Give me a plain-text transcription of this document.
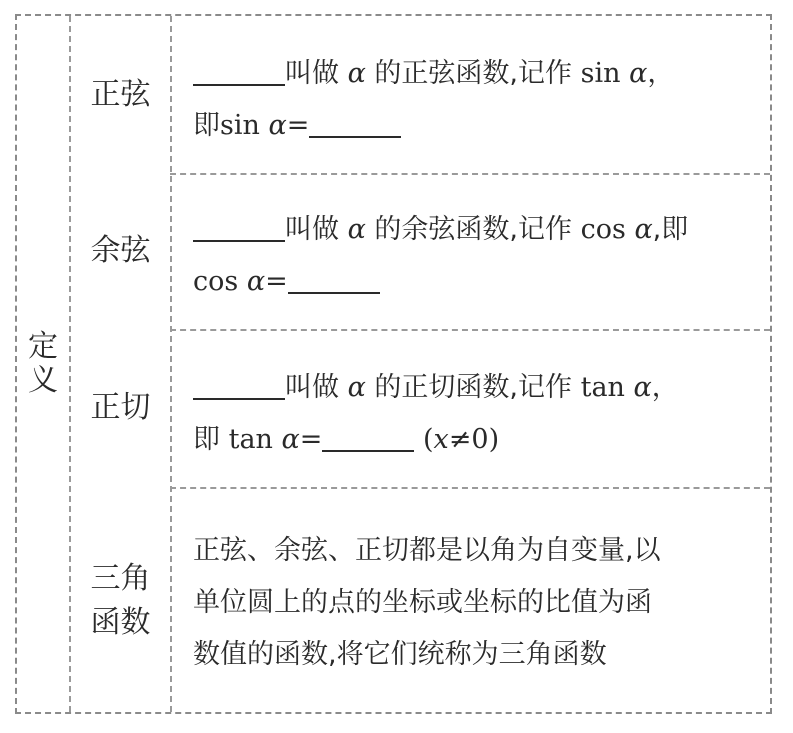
定
义
正弦
叫做 α 的正弦函数,记作 sin α，
即sin α=
余弦
叫做 α 的余弦函数,记作 cos α,即
cos α=
正切
叫做 α 的正切函数,记作 tan α，
即 tan α=	(x≠0)
三角
函数
正弦、余弦、正切都是以角为自变量,以
单位圆上的点的坐标或坐标的比值为函
数值的函数,将它们统称为三角函数
